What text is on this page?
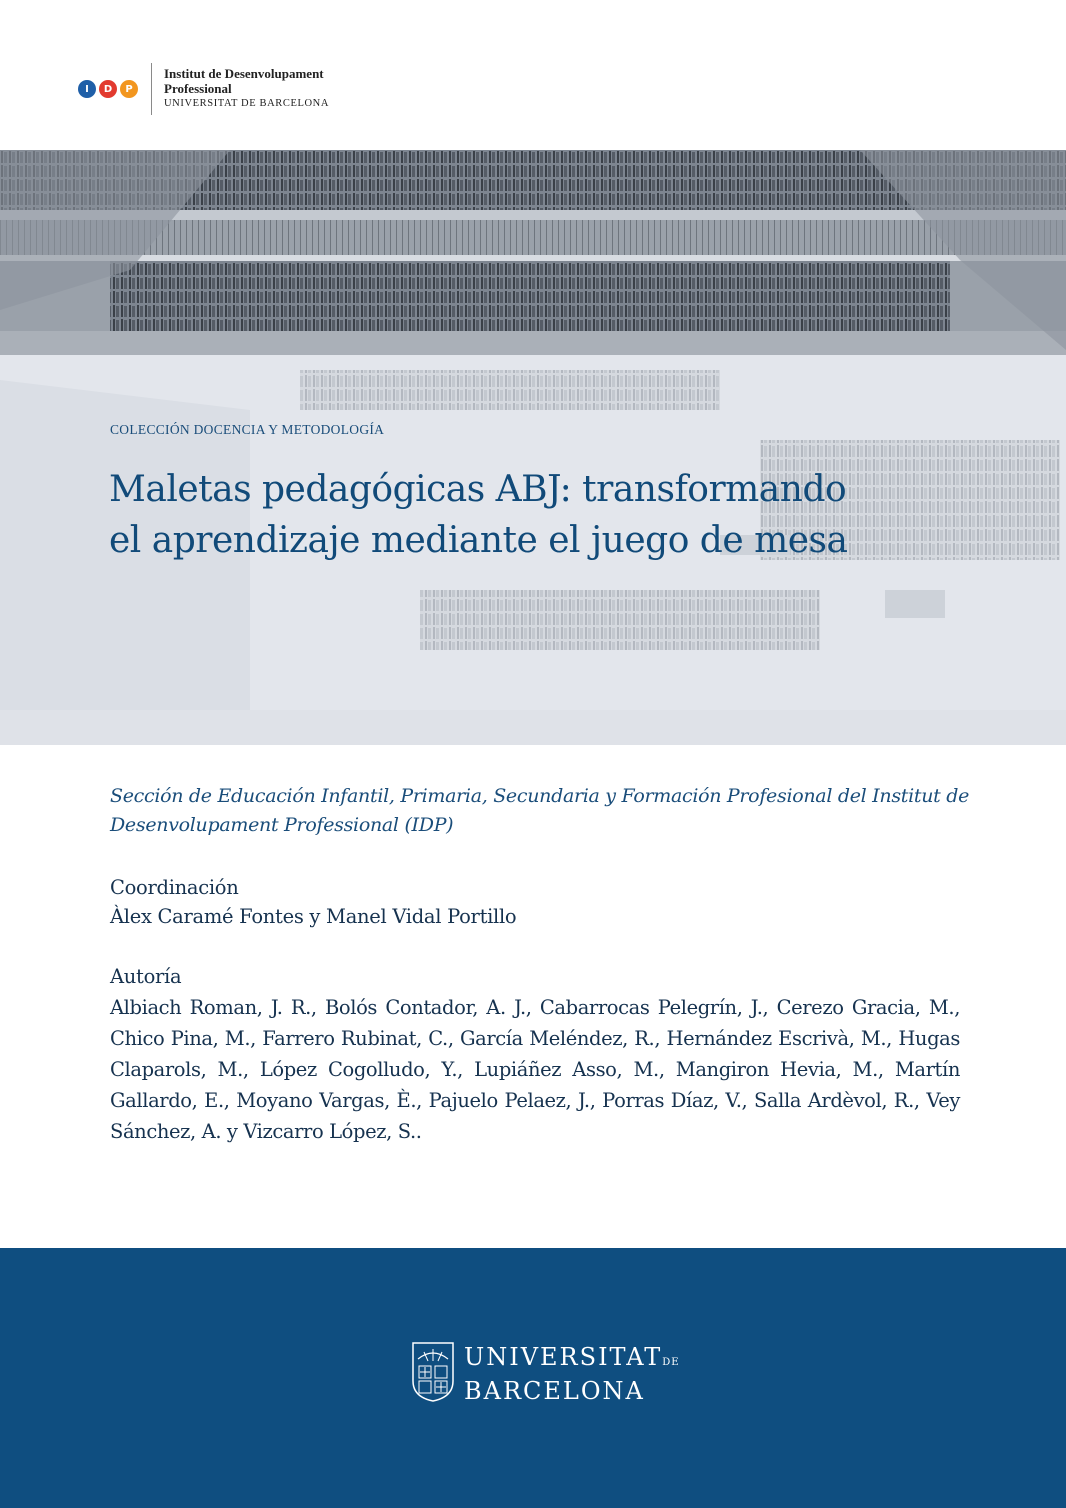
I	D	P
Institut de Desenvolupament
Professional
UNIVERSITAT DE BARCELONA
COLECCIÓN DOCENCIA Y METODOLOGÍA
Maletas pedagógicas ABJ: transformando el aprendizaje mediante el juego de mesa

Sección de Educación Infantil, Primaria, Secundaria y Formación Profesional del Institut de Desenvolupament Professional (IDP)

Coordinación
Àlex Caramé Fontes y Manel Vidal Portillo
Autoría
Albiach Roman, J. R., Bolós Contador, A. J., Cabarrocas Pelegrín, J., Cerezo Gracia, M., Chico Pina, M., Farrero Rubinat, C., García Meléndez, R., Hernández Escrivà, M., Hugas Claparols, M., López Cogolludo, Y., Lupiáñez Asso, M., Mangiron Hevia, M., Martín Gallardo, E., Moyano Vargas, È., Pajuelo Pelaez, J., Porras Díaz, V., Salla Ardèvol, R., Vey Sánchez, A. y Vizcarro López, S..
UNIVERSITATDE
BARCELONA
